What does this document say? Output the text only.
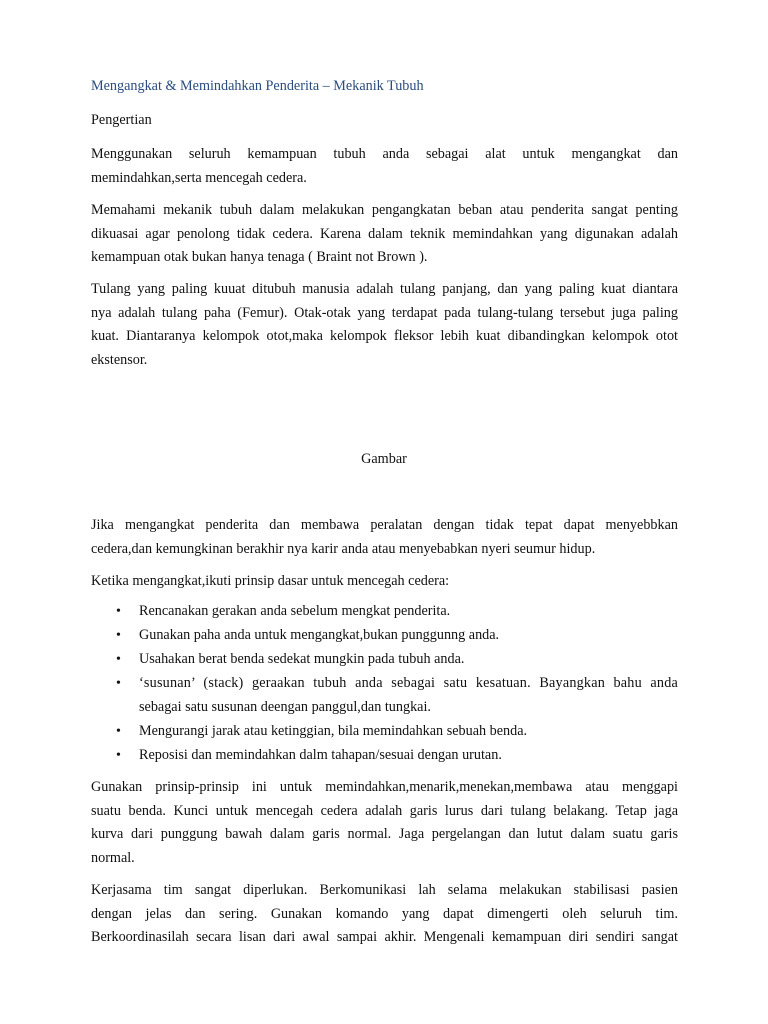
Mengangkat & Memindahkan Penderita – Mekanik Tubuh

Pengertian

Menggunakan seluruh kemampuan tubuh anda sebagai alat untuk mengangkat dan
memindahkan,serta mencegah cedera.
Memahami mekanik tubuh dalam melakukan pengangkatan beban atau penderita sangat penting
dikuasai agar penolong tidak cedera. Karena dalam teknik memindahkan yang digunakan adalah
kemampuan otak bukan hanya tenaga ( Braint not Brown ).
Tulang yang paling kuuat ditubuh manusia adalah tulang panjang, dan yang paling kuat diantara
nya adalah tulang paha (Femur). Otak-otak yang terdapat pada tulang-tulang tersebut juga paling
kuat. Diantaranya kelompok otot,maka kelompok fleksor lebih kuat dibandingkan kelompok otot
ekstensor.
Gambar
Jika mengangkat penderita dan membawa peralatan dengan tidak tepat dapat menyebbkan
cedera,dan kemungkinan berakhir nya karir anda atau menyebabkan nyeri seumur hidup.
Ketika mengangkat,ikuti prinsip dasar untuk mencegah cedera:
• Rencanakan gerakan anda sebelum mengkat penderita.
• Gunakan paha anda untuk mengangkat,bukan punggunng anda.
• Usahakan berat benda sedekat mungkin pada tubuh anda.
• ‘susunan’ (stack) geraakan tubuh anda sebagai satu kesatuan. Bayangkan bahu anda
sebagai satu susunan deengan panggul,dan tungkai.
• Mengurangi jarak atau ketinggian, bila memindahkan sebuah benda.
• Reposisi dan memindahkan dalm tahapan/sesuai dengan urutan.
Gunakan prinsip-prinsip ini untuk memindahkan,menarik,menekan,membawa atau menggapi
suatu benda. Kunci untuk mencegah cedera adalah garis lurus dari tulang belakang. Tetap jaga
kurva dari punggung bawah dalam garis normal. Jaga pergelangan dan lutut dalam suatu garis
normal.
Kerjasama tim sangat diperlukan. Berkomunikasi lah selama melakukan stabilisasi pasien
dengan jelas dan sering. Gunakan komando yang dapat dimengerti oleh seluruh tim.
Berkoordinasilah secara lisan dari awal sampai akhir. Mengenali kemampuan diri sendiri sangat
